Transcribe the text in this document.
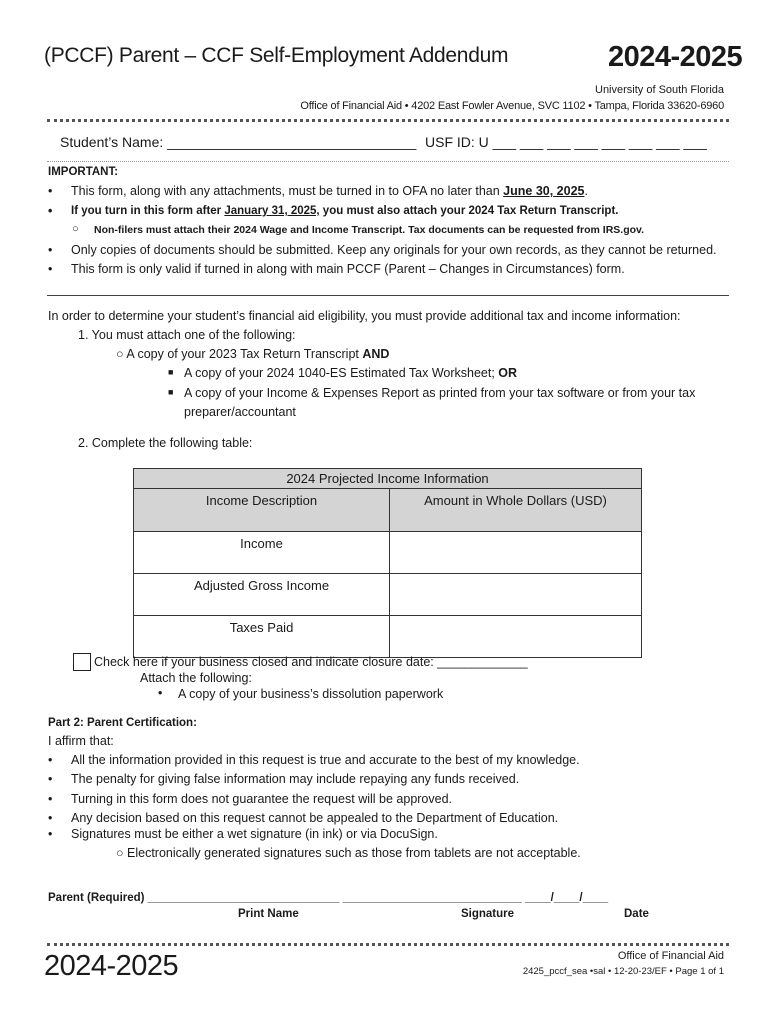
(PCCF) Parent – CCF Self-Employment Addendum	2024-2025
University of South Florida
Office of Financial Aid • 4202 East Fowler Avenue, SVC 1102 • Tampa, Florida 33620-6960
Student’s Name: ________________________________ USF ID: U ___ ___ ___ ___ ___ ___ ___ ___
IMPORTANT:
• This form, along with any attachments, must be turned in to OFA no later than June 30, 2025.
• If you turn in this form after January 31, 2025, you must also attach your 2024 Tax Return Transcript.
○ Non-filers must attach their 2024 Wage and Income Transcript. Tax documents can be requested from IRS.gov.
• Only copies of documents should be submitted. Keep any originals for your own records, as they cannot be returned.
• This form is only valid if turned in along with main PCCF (Parent – Changes in Circumstances) form.
In order to determine your student’s financial aid eligibility, you must provide additional tax and income information:
1. You must attach one of the following:
○ A copy of your 2023 Tax Return Transcript AND
■ A copy of your 2024 1040-ES Estimated Tax Worksheet; OR
■ A copy of your Income & Expenses Report as printed from your tax software or from your tax
preparer/accountant
2. Complete the following table:
2024 Projected Income Information	
Income Description	Amount in Whole Dollars (USD)
Income	
Adjusted Gross Income	
Taxes Paid	
Check here if your business closed and indicate closure date: _____________
Attach the following:
• A copy of your business’s dissolution paperwork
Part 2: Parent Certification:
I affirm that:
• All the information provided in this request is true and accurate to the best of my knowledge.
• The penalty for giving false information may include repaying any funds received.
• Turning in this form does not guarantee the request will be approved.
• Any decision based on this request cannot be appealed to the Department of Education.
• Signatures must be either a wet signature (in ink) or via DocuSign.
○ Electronically generated signatures such as those from tablets are not acceptable.
Parent (Required) ______________________________ ____________________________ ____/____/____
Print Name	Signature	Date
2024-2025	Office of Financial Aid
2425_pccf_sea •sal • 12-20-23/EF • Page 1 of 1
